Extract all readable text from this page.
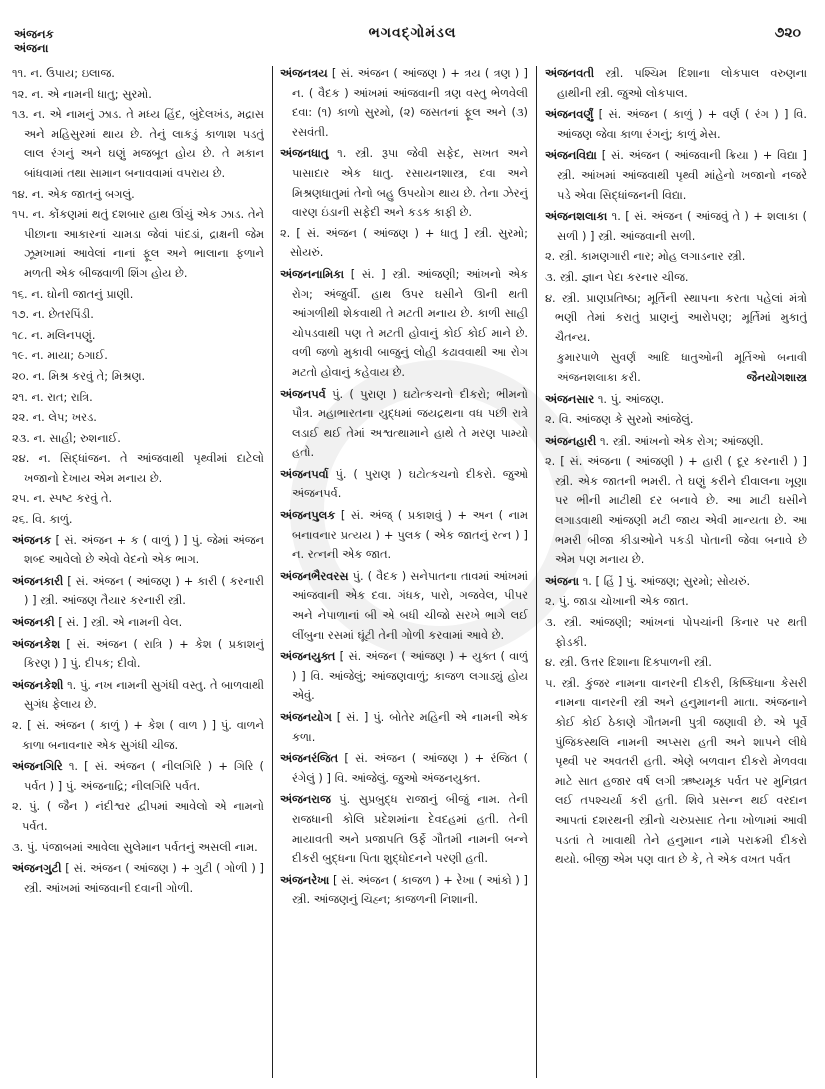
અંજનક
અંજના
ભગવદ્ગોમંડલ	૭૨૦
૧૧. ન. ઉપાય; ઇલાજ.
૧૨. ન. એ નામની ધાતુ; સુરમો.
૧૩. ન. એ નામનું ઝાડ. તે મધ્ય હિંદ, બુંદેલખંડ, મદ્રાસ અને મહિસુરમાં થાય છે. તેનું લાકડું કાળાશ પડતું લાલ રંગનું અને ઘણું મજબૂત હોય છે. તે મકાન બાંધવામાં તથા સામાન બનાવવામાં વપરાય છે.
૧૪. ન. એક જાતનું બગલું.
૧૫. ન. કોંકણમાં થતું દશબાર હાથ ઊંચું એક ઝાડ. તેને પીછાના આકારનાં ચામડા જેવાં પાંદડાં, દ્રાક્ષની જેમ ઝૂમખામાં આવેલાં નાનાં ફૂલ અને ભાલાના ફળાને મળતી એક બીજવાળી શિંગ હોય છે.
૧૬. ન. ઘોની જાતનું પ્રાણી.
૧૭. ન. છેતરપિંડી.
૧૮. ન. મલિનપણું.
૧૯. ન. માયા; ઠગાઈ.
૨૦. ન. મિશ્ર કરવું તે; મિશ્રણ.
૨૧. ન. રાત; રાત્રિ.
૨૨. ન. લેપ; ખરડ.
૨૩. ન. સાહી; રુશનાઈ.
૨૪. ન. સિદ્ધાંજન. તે આંજવાથી પૃથ્વીમાં દાટેલો ખજાનો દેખાય એમ મનાય છે.
૨૫. ન. સ્પષ્ટ કરવું તે.
૨૬. વિ. કાળું.
અંજનક [ સં. અંજન + ક ( વાળું ) ] પું. જેમાં અંજન શબ્દ આવેલો છે એવો વેદનો એક ભાગ.
અંજનકારી [ સં. અંજન ( આંજણ ) + કારી ( કરનારી ) ] સ્ત્રી. આંજણ તૈયાર કરનારી સ્ત્રી.
અંજનકી [ સં. ] સ્ત્રી. એ નામની વેલ.
અંજનકેશ [ સં. અંજન ( રાત્રિ ) + કેશ ( પ્રકાશનું કિરણ ) ] પું. દીપક; દીવો.
અંજનકેશી ૧. પું. નખ નામની સુગંધી વસ્તુ. તે બાળવાથી સુગંધ ફેલાય છે.
૨. [ સં. અંજન ( કાળું ) + કેશ ( વાળ ) ] પું. વાળને કાળા બનાવનાર એક સુગંધી ચીજ.
અંજનગિરિ ૧. [ સં. અંજન ( નીલગિરિ ) + ગિરિ ( પર્વત ) ] પું. અંજનાદ્રિ; નીલગિરિ પર્વત.
૨. પું. ( જૈન ) નંદીશ્વર દ્વીપમાં આવેલો એ નામનો પર્વત.
૩. પું. પંજાબમાં આવેલા સુલેમાન પર્વતનું અસલી નામ.
અંજનગુટી [ સં. અંજન ( આંજણ ) + ગુટી ( ગોળી ) ] સ્ત્રી. આંખમાં આંજવાની દવાની ગોળી.
અંજનત્રય [ સં. અંજન ( આંજણ ) + ત્રય ( ત્રણ ) ] ન. ( વૈદક ) આંખમાં આંજવાની ત્રણ વસ્તુ ભેળવેલી દવા: (૧) કાળો સુરમો, (૨) જસતનાં ફૂલ અને (૩) રસવંતી.
અંજનધાતુ ૧. સ્ત્રી. રૂપા જેવી સફેદ, સખત અને પાસાદાર એક ધાતુ. રસાયનશાસ્ત્ર, દવા અને મિશ્રણધાતુમાં તેનો બહુ ઉપયોગ થાય છે. તેના ઝેરનું વારણ ઇંડાની સફેદી અને કડક કાફી છે.
૨. [ સં. અંજન ( આંજણ ) + ધાતુ ] સ્ત્રી. સુરમો; સોયરું.
અંજનનામિકા [ સં. ] સ્ત્રી. આંજણી; આંખનો એક રોગ; અંજુર્વી. હાથ ઉપર ઘસીને ઊની થતી આંગળીથી શેકવાથી તે મટતી મનાય છે. કાળી સાહી ચોપડવાથી પણ તે મટતી હોવાનું કોઈ કોઈ માને છે. વળી જળો મુકાવી બાજુનું લોહી કઢાવવાથી આ રોગ મટતો હોવાનું કહેવાય છે.
અંજનપર્વ પું. ( પુરાણ ) ઘટોત્કચનો દીકરો; ભીમનો પૌત્ર. મહાભારતના યુદ્ધમાં જયદ્રથના વધ પછી રાત્રે લડાઈ થઈ તેમાં અશ્વત્થામાને હાથે તે મરણ પામ્યો હતો.
અંજનપર્વા પું. ( પુરાણ ) ઘટોત્કચનો દીકરો. જુઓ અંજનપર્વ.
અંજનપુલક [ સં. અંજ્ ( પ્રકાશવું ) + અન ( નામ બનાવનાર પ્રત્યય ) + પુલક ( એક જાતનું રત્ન ) ] ન. રત્નની એક જાત.
અંજનભૈરવરસ પું. ( વૈદક ) સનેપાતના તાવમાં આંખમાં આંજવાની એક દવા. ગંધક, પારો, ગજવેલ, પીપર અને નેપાળાનાં બી એ બધી ચીજો સરખે ભાગે લઈ લીંબુના રસમાં ઘૂંટી તેની ગોળી કરવામાં આવે છે.
અંજનયુક્ત [ સં. અંજન ( આંજણ ) + યુક્ત ( વાળું ) ] વિ. આંજેલું; આંજણવાળું; કાજળ લગાડ્યું હોય એવું.
અંજનયોગ [ સં. ] પું. બોતેર મહિની એ નામની એક કળા.
અંજનરંજિત [ સં. અંજન ( આંજણ ) + રંજિત ( રંગેલું ) ] વિ. આંજેલું. જુઓ અંજનયુક્ત.
અંજનરાજ પું. સુપ્રબુદ્ધ રાજાનું બીજું નામ. તેની રાજધાની કોલિ પ્રદેશમાંના દેવદહમાં હતી. તેની માયાવતી અને પ્રજાપતિ ઉર્ફે ગૌતમી નામની બન્ને દીકરી બુદ્ધના પિતા શુદ્ધોદનને પરણી હતી.
અંજનરેખા [ સં. અંજન ( કાજળ ) + રેખા ( આંકો ) ] સ્ત્રી. આંજણનું ચિહ્ન; કાજળની નિશાની.
અંજનવતી સ્ત્રી. પશ્ચિમ દિશાના લોકપાલ વરુણના હાથીની સ્ત્રી. જુઓ લોકપાલ.
અંજનવર્ણું [ સં. અંજન ( કાળું ) + વર્ણ ( રંગ ) ] વિ. આંજણ જેવા કાળા રંગનું; કાળું મેસ.
અંજનવિદ્યા [ સં. અંજન ( આંજવાની ક્રિયા ) + વિદ્યા ] સ્ત્રી. આંખમાં આંજવાથી પૃથ્વી માંહેનો ખજાનો નજરે પડે એવા સિદ્ધાંજનની વિદ્યા.
અંજનશલાકા ૧. [ સં. અંજન ( આંજવું તે ) + શલાકા ( સળી ) ] સ્ત્રી. આંજવાની સળી.
૨. સ્ત્રી. કામણગારી નાર; મોહ લગાડનાર સ્ત્રી.
૩. સ્ત્રી. જ્ઞાન પેદા કરનાર ચીજ.
૪. સ્ત્રી. પ્રાણપ્રતિષ્ઠા; મૂર્તિની સ્થાપના કરતા પહેલાં મંત્રો ભણી તેમાં કરાતું પ્રાણનું આરોપણ; મૂર્તિમાં મુકાતું ચૈતન્ય.
કુમારપાળે સુવર્ણ આદિ ધાતુઓની મૂર્તિઓ બનાવી અંજનશલાકા કરી.	જૈનયોગશાસ્ત્ર
અંજનસાર ૧. પું. આંજણ.
૨. વિ. આંજણ કે સુરમો આંજેલું.
અંજનહારી ૧. સ્ત્રી. આંખનો એક રોગ; આંજણી.
૨. [ સં. અંજના ( આંજણી ) + હારી ( દૂર કરનારી ) ] સ્ત્રી. એક જાતની ભમરી. તે ઘણું કરીને દીવાલના ખૂણા પર ભીની માટીથી દર બનાવે છે. આ માટી ઘસીને લગાડવાથી આંજણી મટી જાય એવી માન્યતા છે. આ ભમરી બીજા કીડાઓને પકડી પોતાની જેવા બનાવે છે એમ પણ મનાય છે.
અંજના ૧. [ હિં ] પું. આંજણ; સુરમો; સોયરું.
૨. પું. જાડા ચોખાની એક જાત.
૩. સ્ત્રી. આંજણી; આંખનાં પોપચાંની કિનાર પર થતી ફોડકી.
૪. સ્ત્રી. ઉત્તર દિશાના દિક્પાળની સ્ત્રી.
૫. સ્ત્રી. કુંજર નામના વાનરની દીકરી, કિષ્કિંધાના કેસરી નામના વાનરની સ્ત્રી અને હનુમાનની માતા. અંજનાને કોઈ કોઈ ઠેકાણે ગૌતમની પુત્રી જણાવી છે. એ પૂર્વે પુંજિકસ્થલિ નામની અપ્સરા હતી અને શાપને લીધે પૃથ્વી પર અવતરી હતી. એણે બળવાન દીકરો મેળવવા માટે સાત હજાર વર્ષ લગી ઋષ્યમૂક પર્વત પર મુનિવ્રત લઈ તપશ્ચર્યા કરી હતી. શિવે પ્રસન્ન થઈ વરદાન આપતાં દશરથની સ્ત્રીનો ચરુપ્રસાદ તેના ખોળામાં આવી પડતાં તે ખાવાથી તેને હનુમાન નામે પરાક્રમી દીકરો થયો. બીજી એમ પણ વાત છે કે, તે એક વખત પર્વત
